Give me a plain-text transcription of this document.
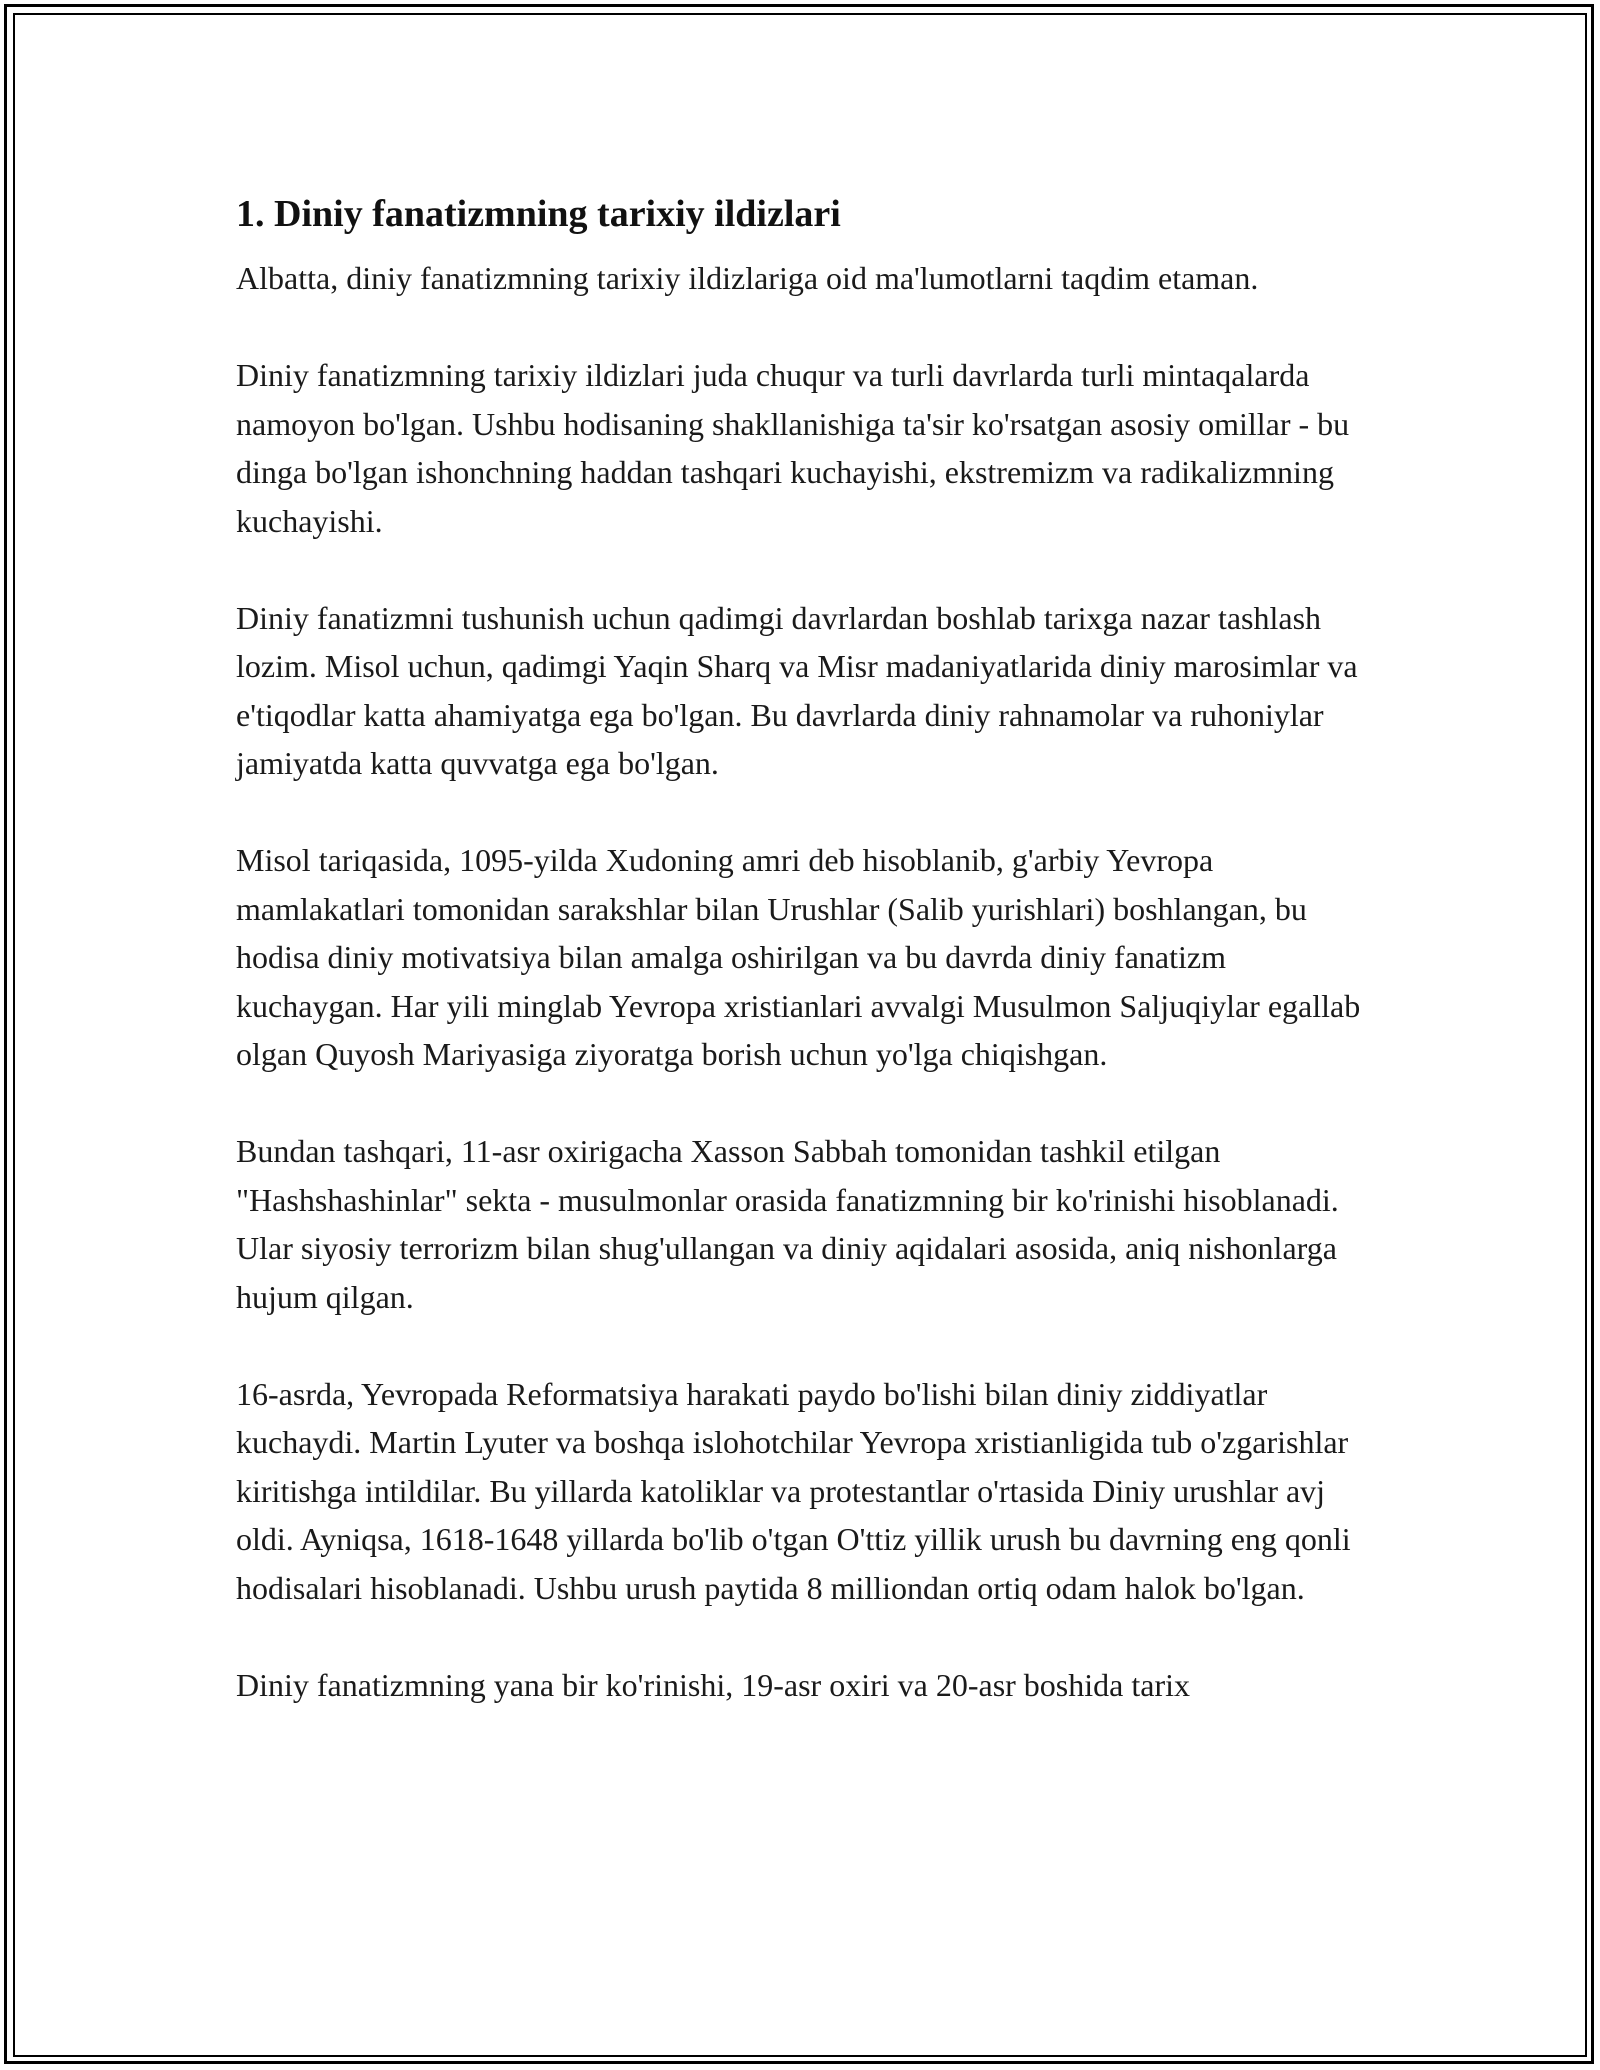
1. Diniy fanatizmning tarixiy ildizlari

Albatta, diniy fanatizmning tarixiy ildizlariga oid ma'lumotlarni taqdim etaman.

Diniy fanatizmning tarixiy ildizlari juda chuqur va turli davrlarda turli mintaqalarda namoyon bo'lgan. Ushbu hodisaning shakllanishiga ta'sir ko'rsatgan asosiy omillar - bu dinga bo'lgan ishonchning haddan tashqari kuchayishi, ekstremizm va radikalizmning kuchayishi.

Diniy fanatizmni tushunish uchun qadimgi davrlardan boshlab tarixga nazar tashlash lozim. Misol uchun, qadimgi Yaqin Sharq va Misr madaniyatlarida diniy marosimlar va e'tiqodlar katta ahamiyatga ega bo'lgan. Bu davrlarda diniy rahnamolar va ruhoniylar jamiyatda katta quvvatga ega bo'lgan.

Misol tariqasida, 1095-yilda Xudoning amri deb hisoblanib, g'arbiy Yevropa mamlakatlari tomonidan sarakshlar bilan Urushlar (Salib yurishlari) boshlangan, bu hodisa diniy motivatsiya bilan amalga oshirilgan va bu davrda diniy fanatizm kuchaygan. Har yili minglab Yevropa xristianlari avvalgi Musulmon Saljuqiylar egallab olgan Quyosh Mariyasiga ziyoratga borish uchun yo'lga chiqishgan.

Bundan tashqari, 11-asr oxirigacha Xasson Sabbah tomonidan tashkil etilgan "Hashshashinlar" sekta - musulmonlar orasida fanatizmning bir ko'rinishi hisoblanadi. Ular siyosiy terrorizm bilan shug'ullangan va diniy aqidalari asosida, aniq nishonlarga hujum qilgan.

16-asrda, Yevropada Reformatsiya harakati paydo bo'lishi bilan diniy ziddiyatlar kuchaydi. Martin Lyuter va boshqa islohotchilar Yevropa xristianligida tub o'zgarishlar kiritishga intildilar. Bu yillarda katoliklar va protestantlar o'rtasida Diniy urushlar avj oldi. Ayniqsa, 1618-1648 yillarda bo'lib o'tgan O'ttiz yillik urush bu davrning eng qonli hodisalari hisoblanadi. Ushbu urush paytida 8 milliondan ortiq odam halok bo'lgan.

Diniy fanatizmning yana bir ko'rinishi, 19-asr oxiri va 20-asr boshida tarix
